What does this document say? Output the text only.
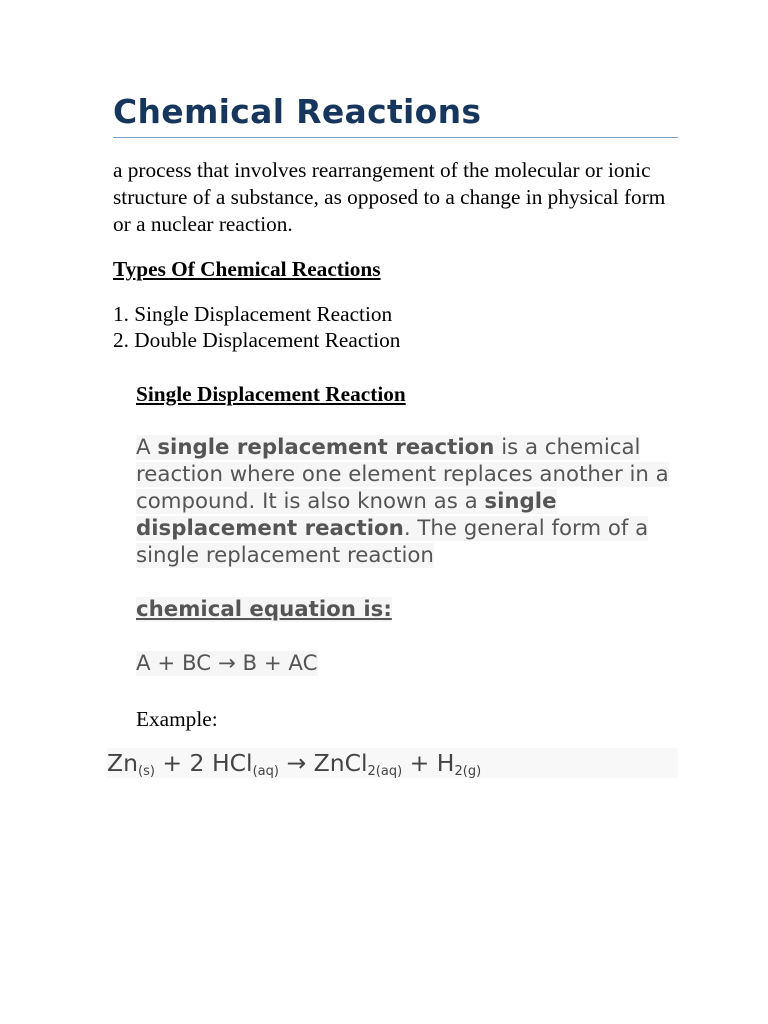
Chemical Reactions

a process that involves rearrangement of the molecular or ionic structure of a substance, as opposed to a change in physical form or a nuclear reaction.

Types Of Chemical Reactions

1. Single Displacement Reaction
2. Double Displacement Reaction

Single Displacement Reaction

A single replacement reaction is a chemical reaction where one element replaces another in a compound. It is also known as a single displacement reaction. The general form of a single replacement reaction

chemical equation is:

A + BC → B + AC

Example:

$Zn_{(s)} + 2$ HCl$_{(aq)}$ → ZnCl$_{2(aq)}$ + $H_{2(g)}$
